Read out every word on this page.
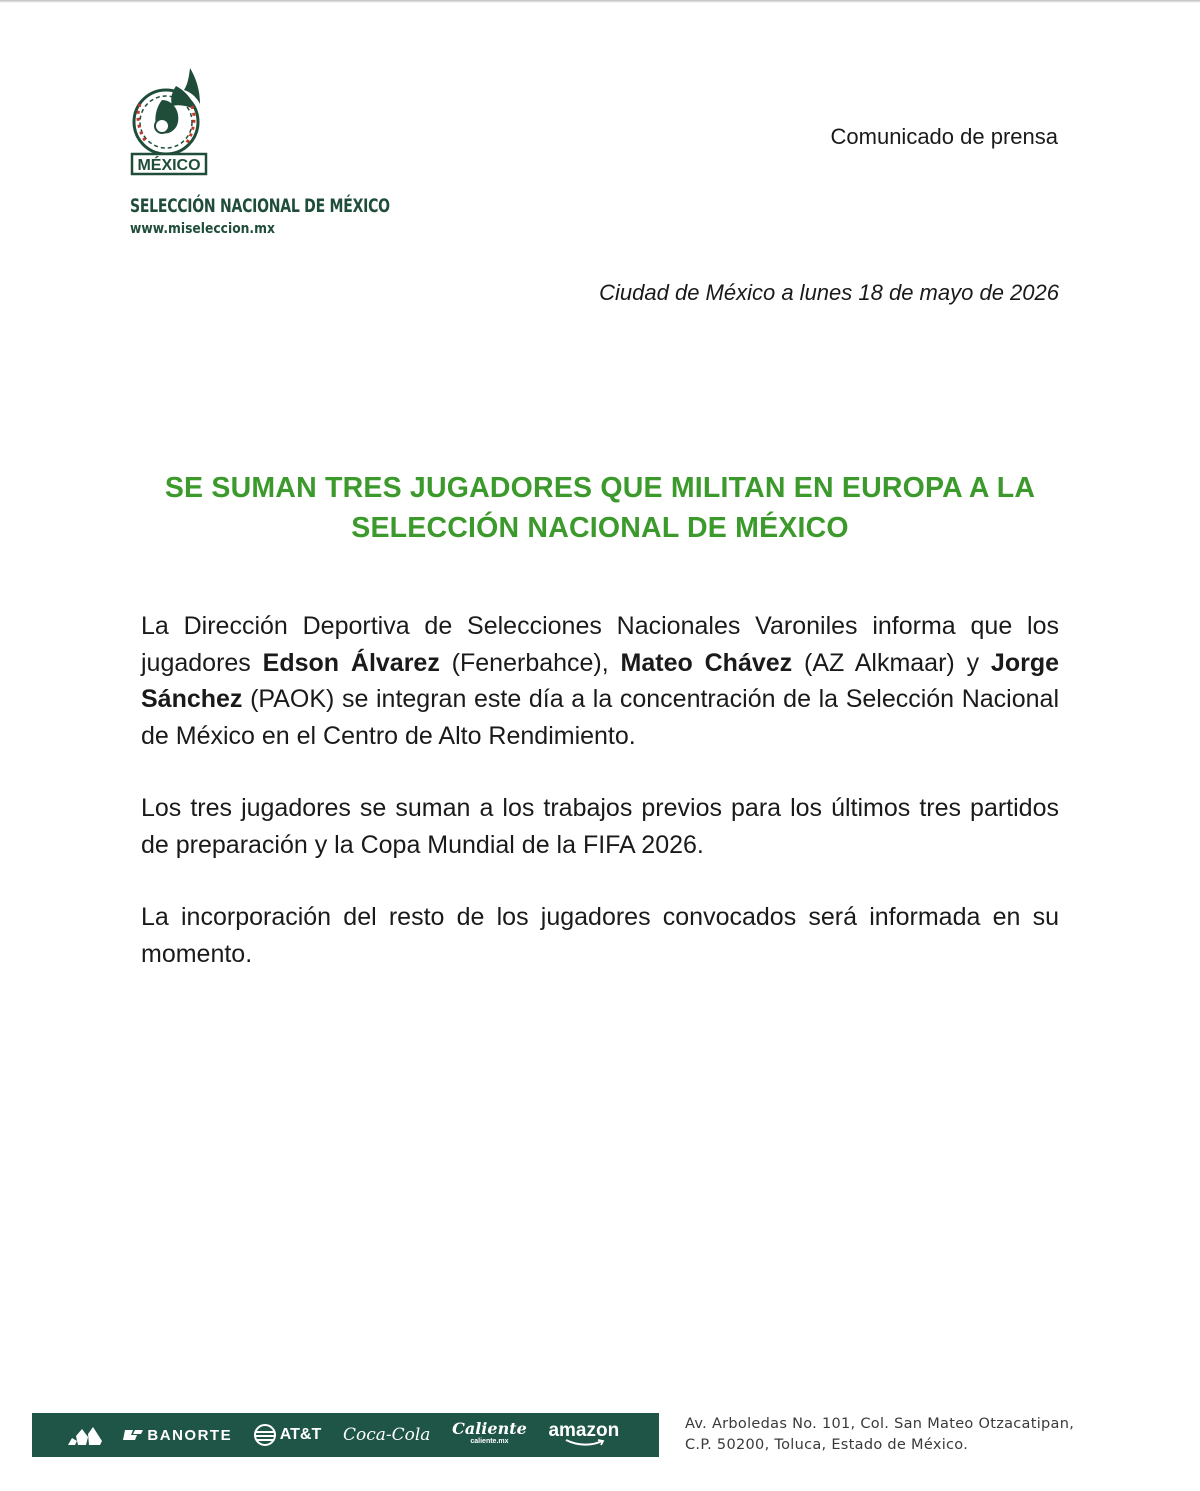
MÉXICO
SELECCIÓN NACIONAL DE MÉXICO
www.miseleccion.mx
Comunicado de prensa
Ciudad de México a lunes 18 de mayo de 2026
SE SUMAN TRES JUGADORES QUE MILITAN EN EUROPA A LA
SELECCIÓN NACIONAL DE MÉXICO

La Dirección Deportiva de Selecciones Nacionales Varoniles informa que los jugadores Edson Álvarez (Fenerbahce), Mateo Chávez (AZ Alkmaar) y Jorge Sánchez (PAOK) se integran este día a la concentración de la Selección Nacional de México en el Centro de Alto Rendimiento.

Los tres jugadores se suman a los trabajos previos para los últimos tres partidos de preparación y la Copa Mundial de la FIFA 2026.

La incorporación del resto de los jugadores convocados será informada en su momento.

BANORTE	AT&T Coca-Cola Caliente
caliente.mx
amazon	Av. Arboledas No. 101, Col. San Mateo Otzacatipan,
C.P. 50200, Toluca, Estado de México.
